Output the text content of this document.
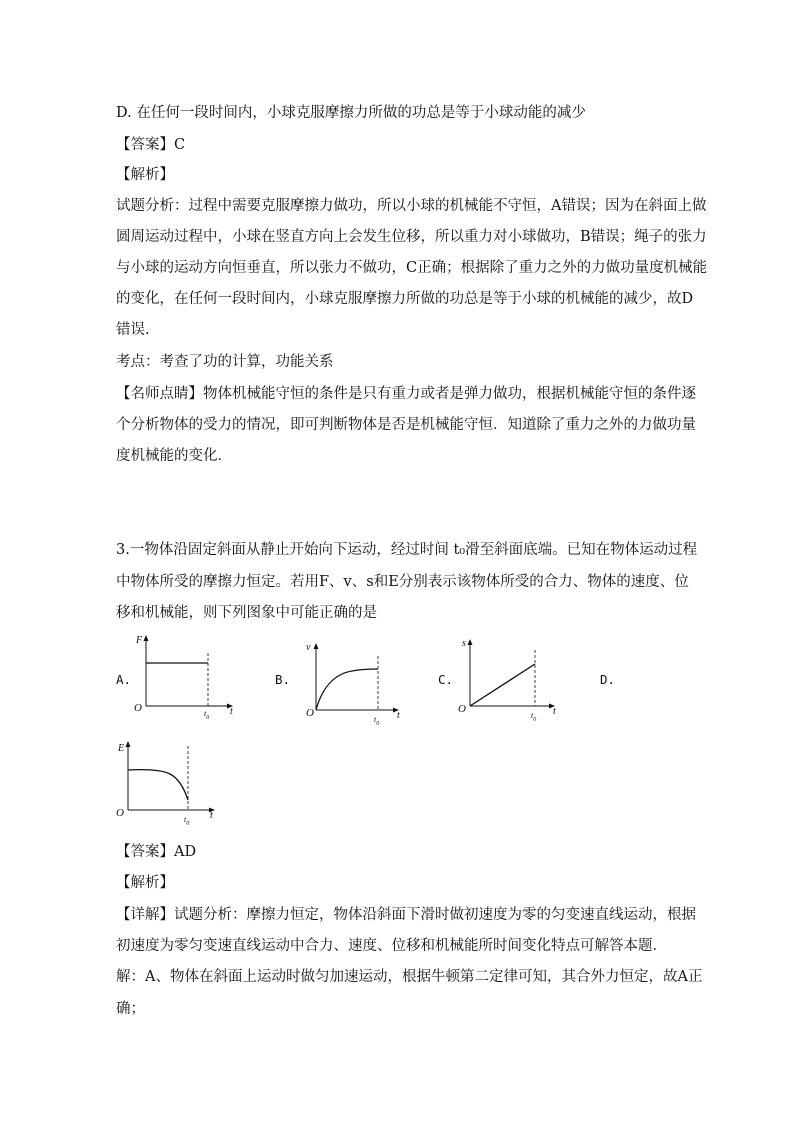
D. 在任何一段时间内，小球克服摩擦力所做的功总是等于小球动能的减少
【答案】C
【解析】
试题分析：过程中需要克服摩擦力做功，所以小球的机械能不守恒，A错误；因为在斜面上做
圆周运动过程中，小球在竖直方向上会发生位移，所以重力对小球做功，B错误；绳子的张力
与小球的运动方向恒垂直，所以张力不做功，C正确；根据除了重力之外的力做功量度机械能
的变化，在任何一段时间内，小球克服摩擦力所做的功总是等于小球的机械能的减少，故D
错误.
考点：考查了功的计算，功能关系
【名师点睛】物体机械能守恒的条件是只有重力或者是弹力做功，根据机械能守恒的条件逐
个分析物体的受力的情况，即可判断物体是否是机械能守恒．知道除了重力之外的力做功量
度机械能的变化．
3.一物体沿固定斜面从静止开始向下运动，经过时间 t₀滑至斜面底端。已知在物体运动过程
中物体所受的摩擦力恒定。若用F、v、s和E分别表示该物体所受的合力、物体的速度、位
移和机械能，则下列图象中可能正确的是
A.	B.	C.	D.
F
O	$t_0$
t
v
O
$t_0$
t
s
O
$t_0$
t
E
O
$t_0$
t
【答案】AD
【解析】
【详解】试题分析：摩擦力恒定，物体沿斜面下滑时做初速度为零的匀变速直线运动，根据
初速度为零匀变速直线运动中合力、速度、位移和机械能所时间变化特点可解答本题．
解：A、物体在斜面上运动时做匀加速运动，根据牛顿第二定律可知，其合外力恒定，故A正
确；
